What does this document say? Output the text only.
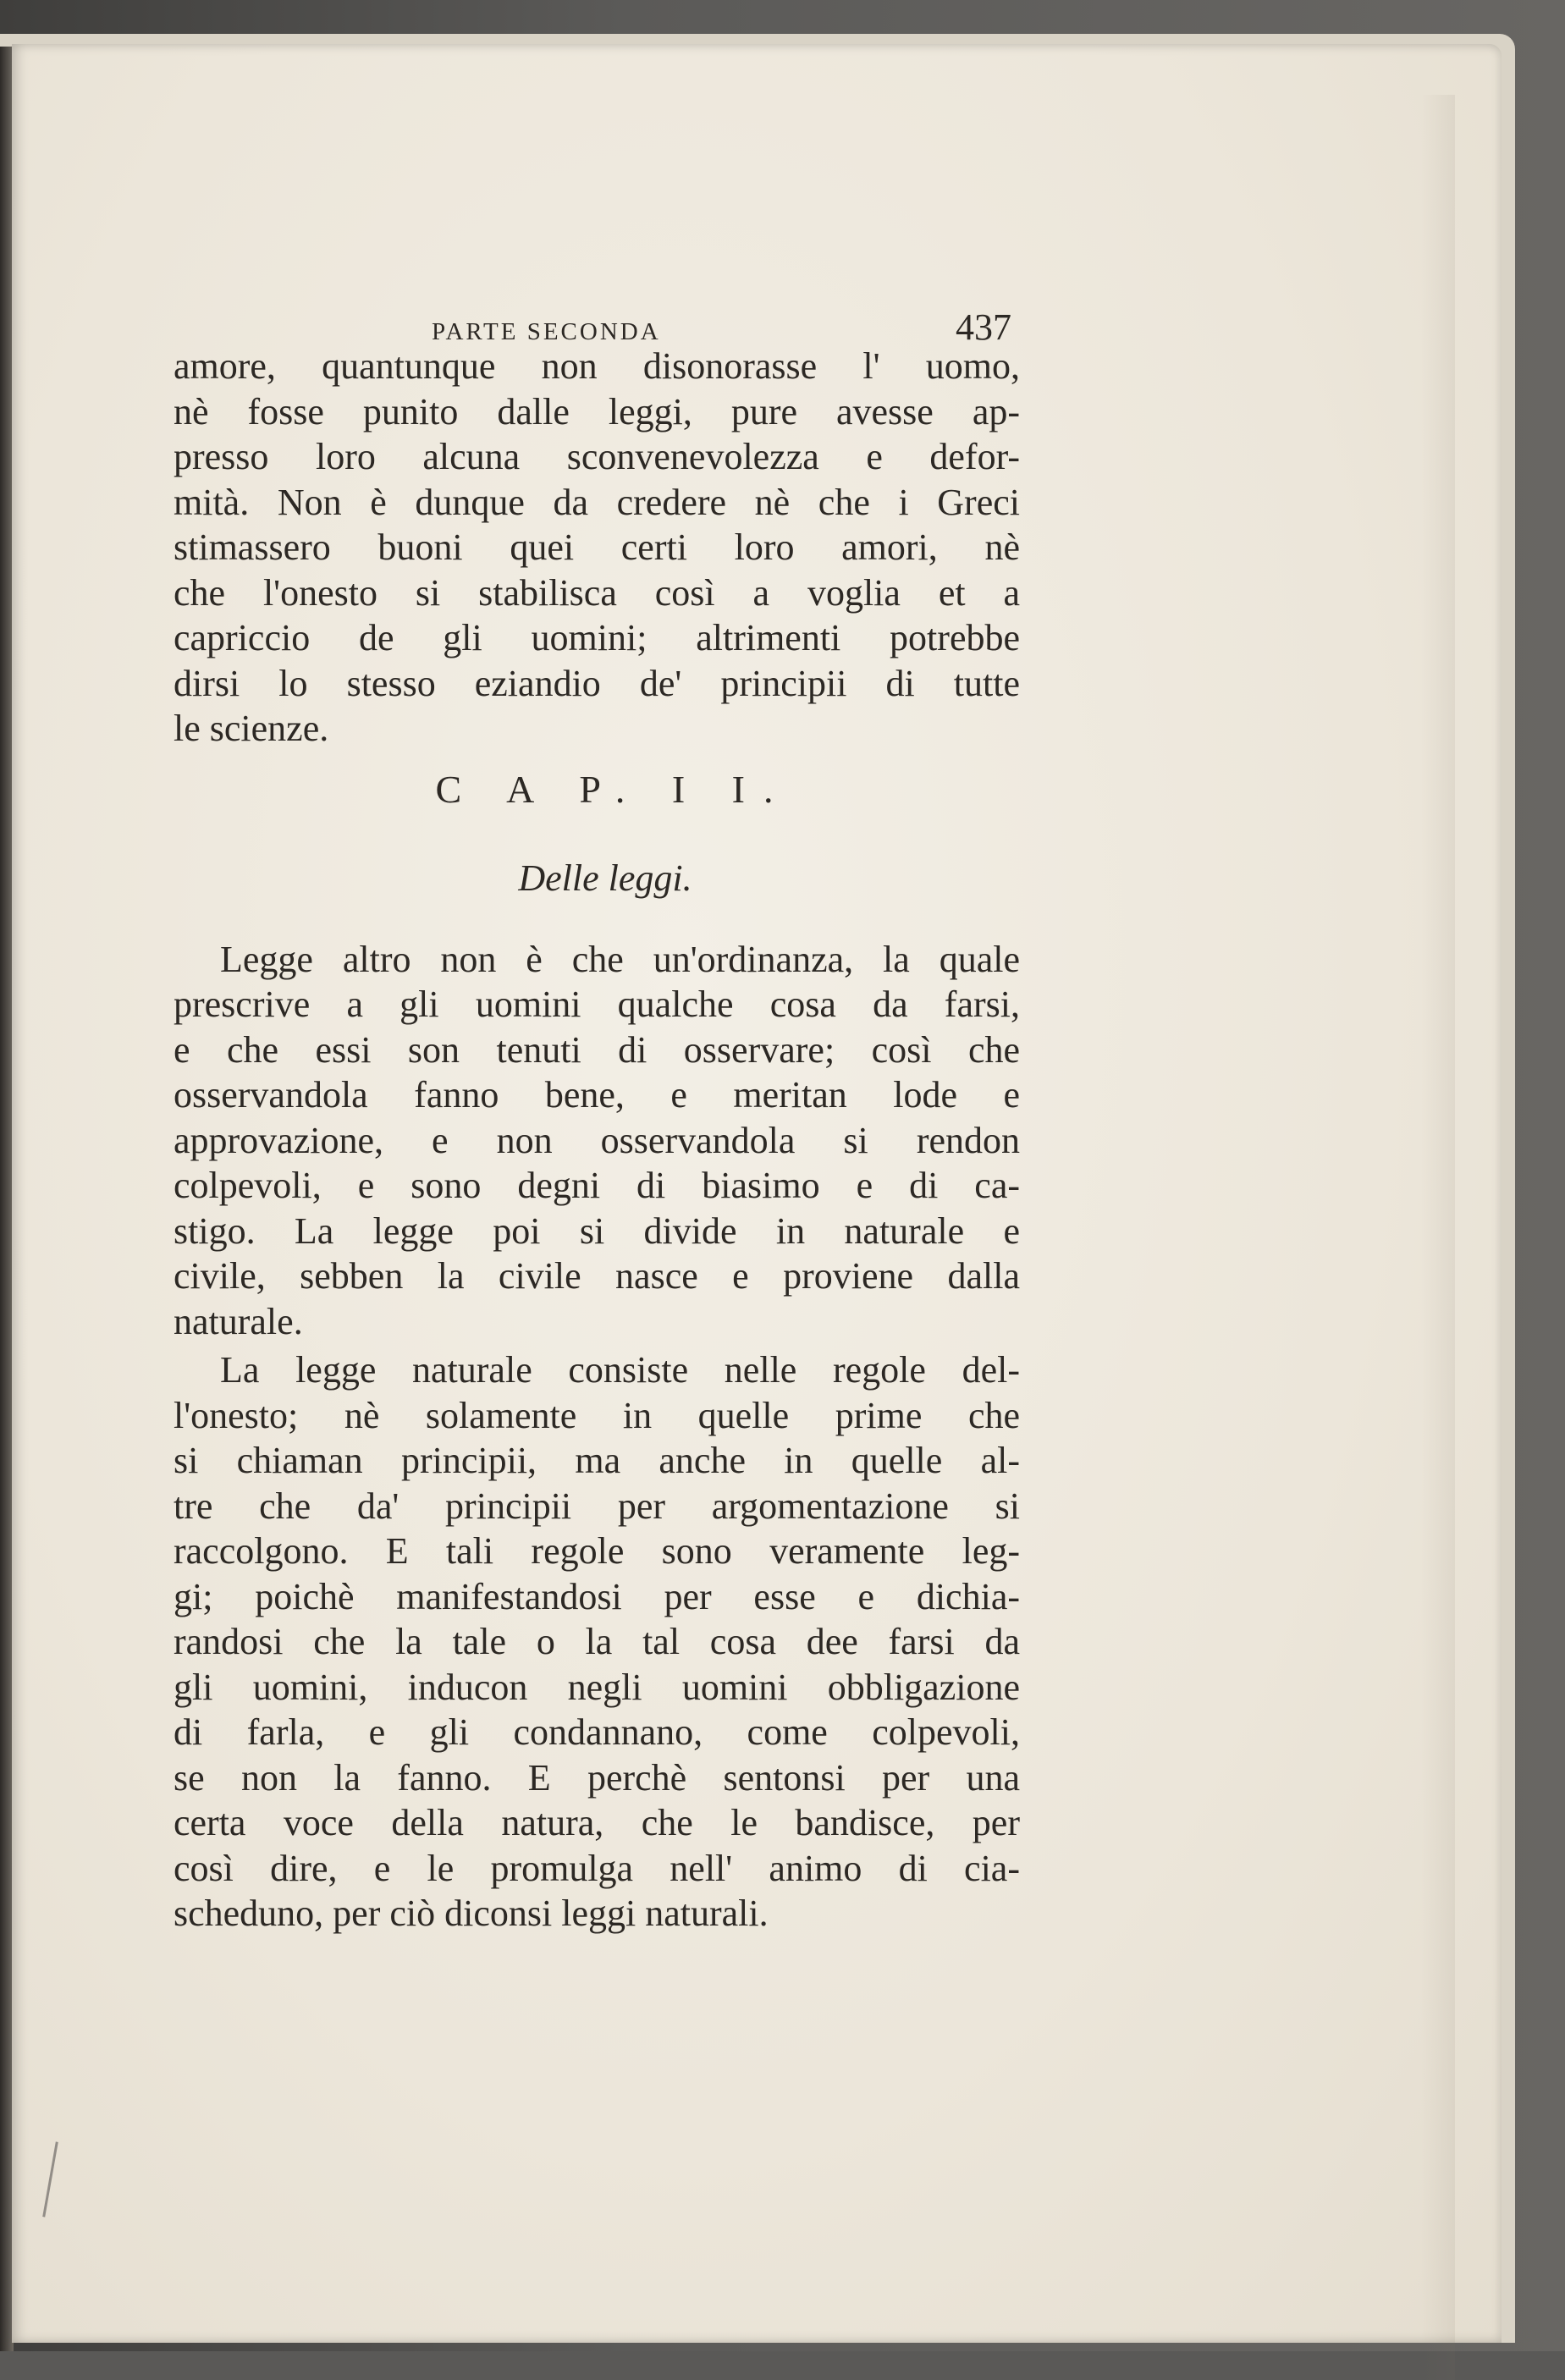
PARTE SECONDA	437
amore, quantunque non disonorasse l' uomo,
nè fosse punito dalle leggi, pure avesse ap-
presso loro alcuna sconvenevolezza e defor-
mità. Non è dunque da credere nè che i Greci
stimassero buoni quei certi loro amori, nè
che l'onesto si stabilisca così a voglia et a
capriccio de gli uomini; altrimenti potrebbe
dirsi lo stesso eziandio de' principii di tutte
le scienze.
C A P. I I.
Delle leggi.
Legge altro non è che un'ordinanza, la quale
prescrive a gli uomini qualche cosa da farsi,
e che essi son tenuti di osservare; così che
osservandola fanno bene, e meritan lode e
approvazione, e non osservandola si rendon
colpevoli, e sono degni di biasimo e di ca-
stigo. La legge poi si divide in naturale e
civile, sebben la civile nasce e proviene dalla
naturale.
La legge naturale consiste nelle regole del-
l'onesto; nè solamente in quelle prime che
si chiaman principii, ma anche in quelle al-
tre che da' principii per argomentazione si
raccolgono. E tali regole sono veramente leg-
gi; poichè manifestandosi per esse e dichia-
randosi che la tale o la tal cosa dee farsi da
gli uomini, inducon negli uomini obbligazione
di farla, e gli condannano, come colpevoli,
se non la fanno. E perchè sentonsi per una
certa voce della natura, che le bandisce, per
così dire, e le promulga nell' animo di cia-
scheduno, per ciò diconsi leggi naturali.
